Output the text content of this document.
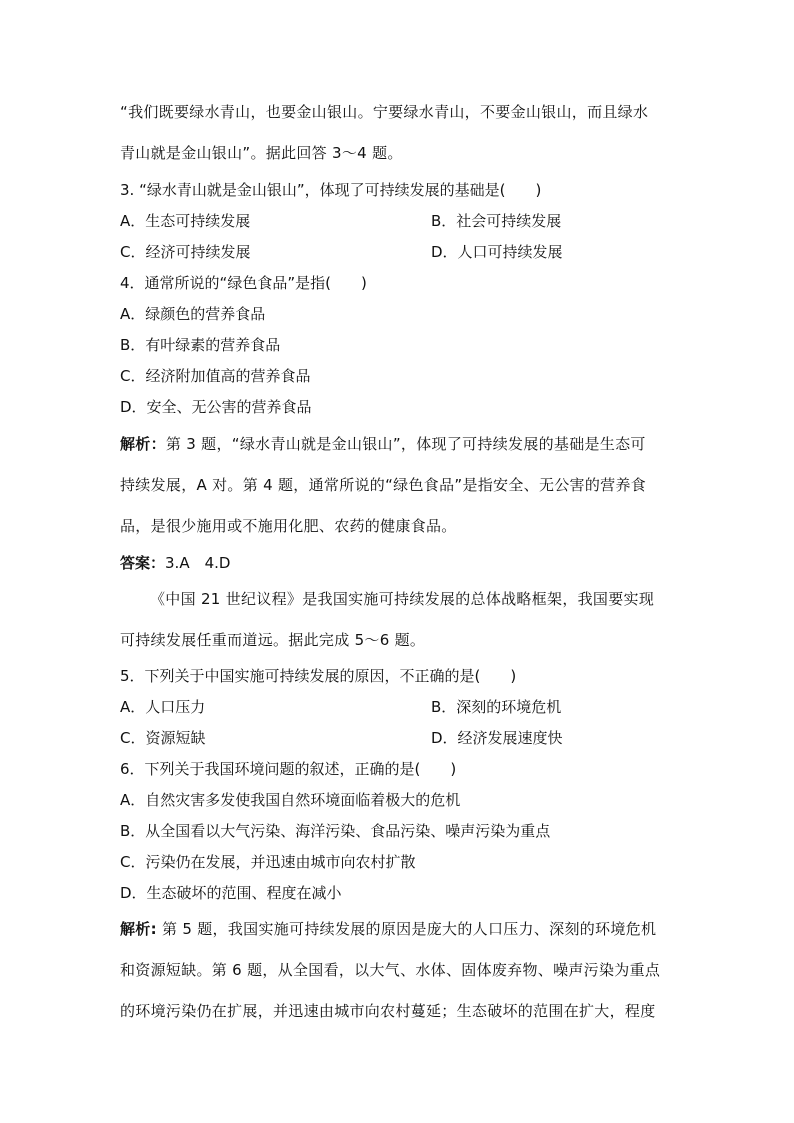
“我们既要绿水青山，也要金山银山。宁要绿水青山，不要金山银山，而且绿水
青山就是金山银山”。据此回答 3～4 题。
3. “绿水青山就是金山银山”，体现了可持续发展的基础是(　　)
A．生态可持续发展	B．社会可持续发展
C．经济可持续发展	D．人口可持续发展
4．通常所说的“绿色食品”是指(　　)
A．绿颜色的营养食品
B．有叶绿素的营养食品
C．经济附加值高的营养食品
D．安全、无公害的营养食品
解析：第 3 题，“绿水青山就是金山银山”，体现了可持续发展的基础是生态可
持续发展，A 对。第 4 题，通常所说的“绿色食品”是指安全、无公害的营养食
品，是很少施用或不施用化肥、农药的健康食品。
答案：3.A　4.D
《中国 21 世纪议程》是我国实施可持续发展的总体战略框架，我国要实现
可持续发展任重而道远。据此完成 5～6 题。
5．下列关于中国实施可持续发展的原因，不正确的是(　　)
A．人口压力	B．深刻的环境危机
C．资源短缺	D．经济发展速度快
6．下列关于我国环境问题的叙述，正确的是(　　)
A．自然灾害多发使我国自然环境面临着极大的危机
B．从全国看以大气污染、海洋污染、食品污染、噪声污染为重点
C．污染仍在发展，并迅速由城市向农村扩散
D．生态破坏的范围、程度在减小
解析: 第 5 题，我国实施可持续发展的原因是庞大的人口压力、深刻的环境危机
和资源短缺。第 6 题，从全国看，以大气、水体、固体废弃物、噪声污染为重点
的环境污染仍在扩展，并迅速由城市向农村蔓延；生态破坏的范围在扩大，程度
